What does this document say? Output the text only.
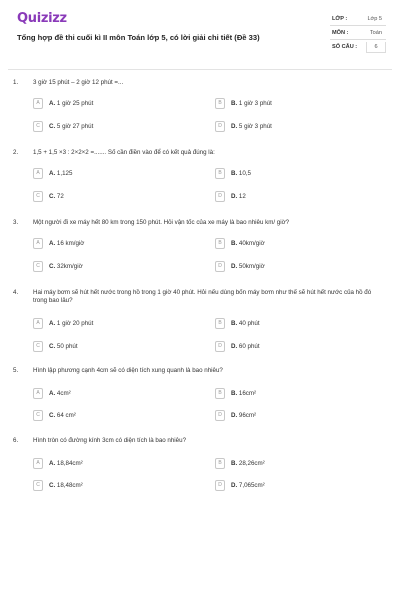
Quizizz
Tổng hợp đề thi cuối kì II môn Toán lớp 5, có lời giải chi tiết (Đề 33)
LỚP :	Lớp 5
MÔN :	Toán
SỐ CÂU :	6
1. 3 giờ 15 phút – 2 giờ 12 phút =...
A	A. 1 giờ 25 phút	B	B. 1 giờ 3 phút
C	C. 5 giờ 27 phút	D	D. 5 giờ 3 phút
2. 1,5 + 1,5 ×3 : 2×2×2 =....... Số cần điền vào để có kết quả đúng là:
A	A. 1,125	B	B. 10,5
C	C. 72	D	D. 12
3. Một người đi xe máy hết 80 km trong 150 phút. Hỏi vận tốc của xe máy là bao nhiêu km/ giờ?
A	A. 16 km/giờ	B	B. 40km/giờ
C	C. 32km/giờ	D	D. 50km/giờ
4. Hai máy bơm sẽ hút hết nước trong hồ trong 1 giờ 40 phút. Hỏi nếu dùng bốn máy bơm như thế sẽ hút hết nước của hồ đó trong bao lâu?
A	A. 1 giờ 20 phút	B	B. 40 phút
C	C. 50 phút	D	D. 60 phút
5. Hình lập phương cạnh 4cm sẽ có diện tích xung quanh là bao nhiêu?
A	A. 4cm²	B	B. 16cm²
C	C. 64 cm²	D	D. 96cm²
6. Hình tròn có đường kính 3cm có diện tích là bao nhiêu?
A	A. 18,84cm²	B	B. 28,26cm²
C	C. 18,48cm²	D	D. 7,065cm²
